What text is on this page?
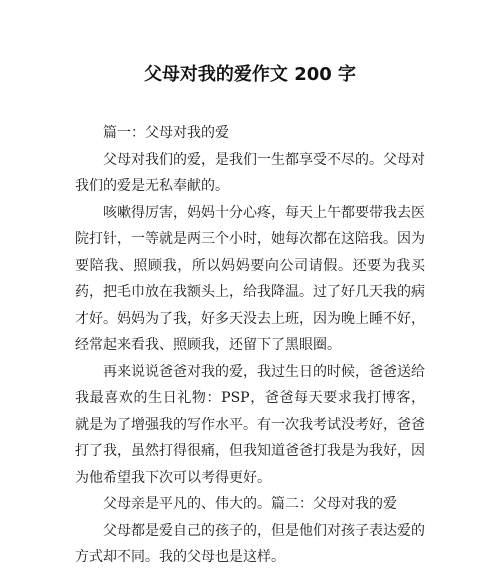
父母对我的爱作文 200 字

篇一：父母对我的爱

父母对我们的爱，是我们一生都享受不尽的。父母对我们的爱是无私奉献的。

咳嗽得厉害，妈妈十分心疼，每天上午都要带我去医院打针，一等就是两三个小时，她每次都在这陪我。因为要陪我、照顾我，所以妈妈要向公司请假。还要为我买药，把毛巾放在我额头上，给我降温。过了好几天我的病才好。妈妈为了我，好多天没去上班，因为晚上睡不好，经常起来看我、照顾我，还留下了黑眼圈。

再来说说爸爸对我的爱，我过生日的时候，爸爸送给我最喜欢的生日礼物：PSP，爸爸每天要求我打博客，就是为了增强我的写作水平。有一次我考试没考好，爸爸打了我，虽然打得很痛，但我知道爸爸打我是为我好，因为他希望我下次可以考得更好。

父母亲是平凡的、伟大的。篇二：父母对我的爱

父母都是爱自己的孩子的，但是他们对孩子表达爱的方式却不同。我的父母也是这样。
